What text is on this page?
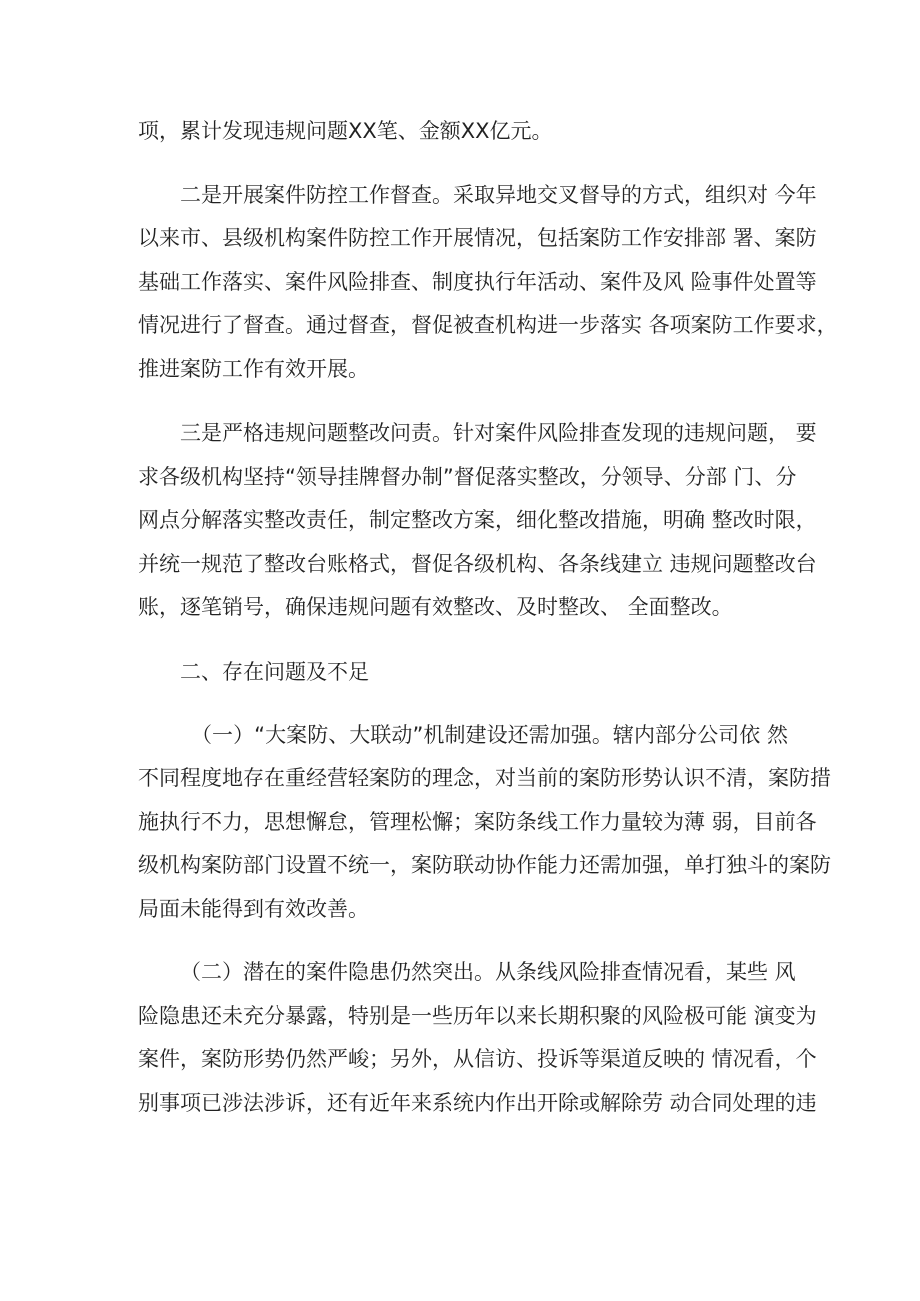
项，累计发现违规问题XX笔、金额XX亿元。
二是开展案件防控工作督查。采取异地交叉督导的方式，组织对 今年
以来市、县级机构案件防控工作开展情况，包括案防工作安排部 署、案防
基础工作落实、案件风险排查、制度执行年活动、案件及风 险事件处置等
情况进行了督查。通过督查，督促被查机构进一步落实 各项案防工作要求，
推进案防工作有效开展。
三是严格违规问题整改问责。针对案件风险排查发现的违规问题， 要
求各级机构坚持“领导挂牌督办制”督促落实整改，分领导、分部 门、分
网点分解落实整改责任，制定整改方案，细化整改措施，明确 整改时限，
并统一规范了整改台账格式，督促各级机构、各条线建立 违规问题整改台
账，逐笔销号，确保违规问题有效整改、及时整改、 全面整改。
二、存在问题及不足
（一）“大案防、大联动”机制建设还需加强。辖内部分公司依 然
不同程度地存在重经营轻案防的理念，对当前的案防形势认识不清，案防措
施执行不力，思想懈怠，管理松懈；案防条线工作力量较为薄 弱，目前各
级机构案防部门设置不统一，案防联动协作能力还需加强，单打独斗的案防
局面未能得到有效改善。
（二）潜在的案件隐患仍然突出。从条线风险排查情况看，某些 风
险隐患还未充分暴露，特别是一些历年以来长期积聚的风险极可能 演变为
案件，案防形势仍然严峻；另外，从信访、投诉等渠道反映的 情况看，个
别事项已涉法涉诉，还有近年来系统内作出开除或解除劳 动合同处理的违
